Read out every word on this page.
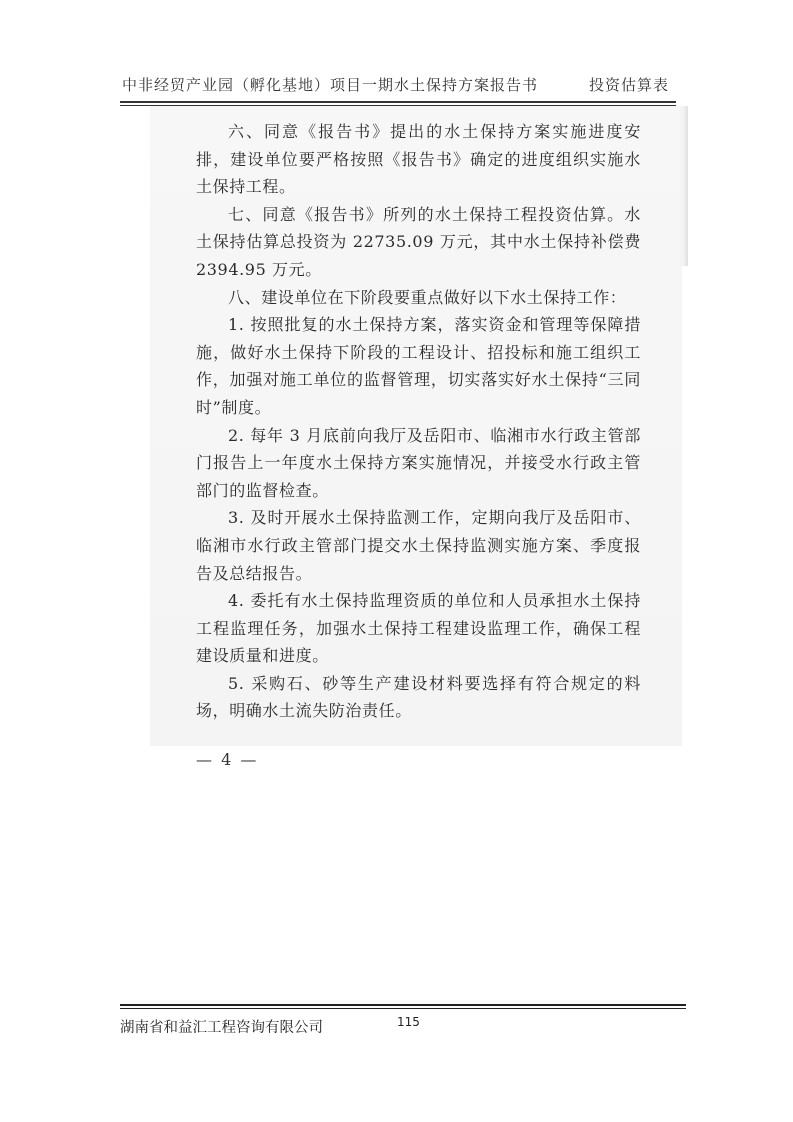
中非经贸产业园（孵化基地）项目一期水土保持方案报告书	投资估算表

六、同意《报告书》提出的水土保持方案实施进度安排，建设单位要严格按照《报告书》确定的进度组织实施水土保持工程。

七、同意《报告书》所列的水土保持工程投资估算。水土保持估算总投资为 22735.09 万元，其中水土保持补偿费 2394.95 万元。

八、建设单位在下阶段要重点做好以下水土保持工作：

1. 按照批复的水土保持方案，落实资金和管理等保障措施，做好水土保持下阶段的工程设计、招投标和施工组织工作，加强对施工单位的监督管理，切实落实好水土保持“三同时”制度。

2. 每年 3 月底前向我厅及岳阳市、临湘市水行政主管部门报告上一年度水土保持方案实施情况，并接受水行政主管部门的监督检查。

3. 及时开展水土保持监测工作，定期向我厅及岳阳市、临湘市水行政主管部门提交水土保持监测实施方案、季度报告及总结报告。

4. 委托有水土保持监理资质的单位和人员承担水土保持工程监理任务，加强水土保持工程建设监理工作，确保工程建设质量和进度。

5. 采购石、砂等生产建设材料要选择有符合规定的料场，明确水土流失防治责任。

— 4 —
湖南省和益汇工程咨询有限公司	115
